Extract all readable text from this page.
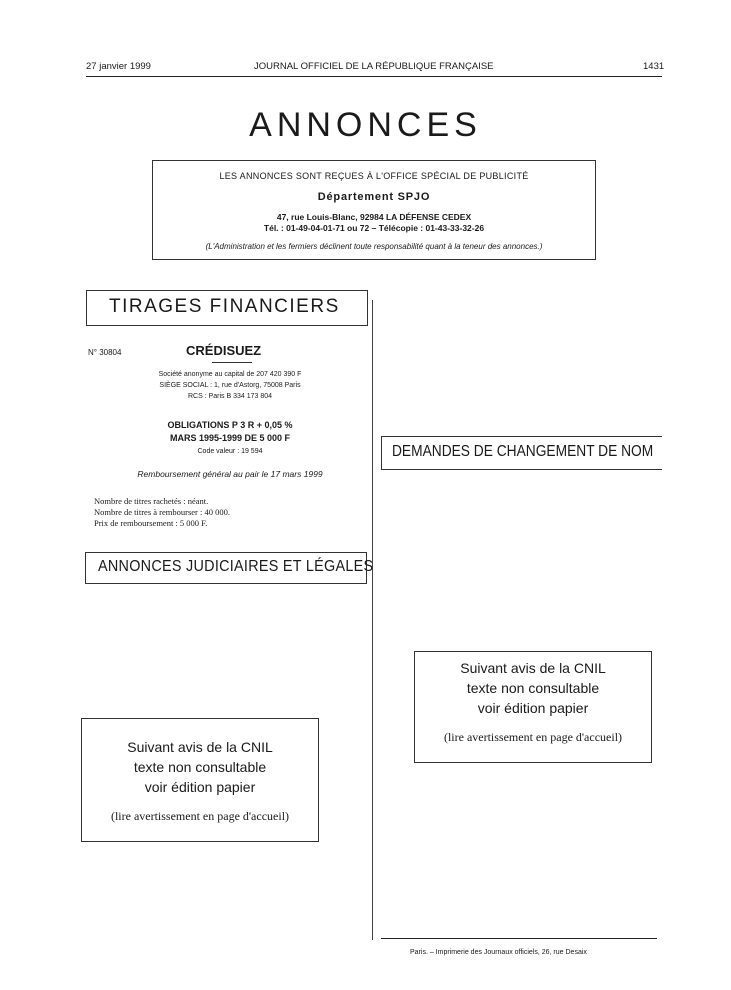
27 janvier 1999	JOURNAL OFFICIEL DE LA RÉPUBLIQUE FRANÇAISE	1431
ANNONCES
LES ANNONCES SONT REÇUES À L'OFFICE SPÉCIAL DE PUBLICITÉ
Département SPJO
47, rue Louis-Blanc, 92984 LA DÉFENSE CEDEX
Tél. : 01-49-04-01-71 ou 72 – Télécopie : 01-43-33-32-26
(L'Administration et les fermiers déclinent toute responsabilité quant à la teneur des annonces.)
TIRAGES FINANCIERS
N° 30804	CRÉDISUEZ
Société anonyme au capital de 207 420 390 F
SIÈGE SOCIAL : 1, rue d'Astorg, 75008 Paris
RCS : Paris B 334 173 804
OBLIGATIONS P 3 R + 0,05 %
MARS 1995-1999 DE 5 000 F
Code valeur : 19 594
Remboursement général au pair le 17 mars 1999
Nombre de titres rachetés : néant.
Nombre de titres à rembourser : 40 000.
Prix de remboursement : 5 000 F.
ANNONCES JUDICIAIRES ET LÉGALES
DEMANDES DE CHANGEMENT DE NOM
Suivant avis de la CNIL
texte non consultable
voir édition papier
(lire avertissement en page d'accueil)
Suivant avis de la CNIL
texte non consultable
voir édition papier
(lire avertissement en page d'accueil)
Paris. – Imprimerie des Journaux officiels, 26, rue Desaix
